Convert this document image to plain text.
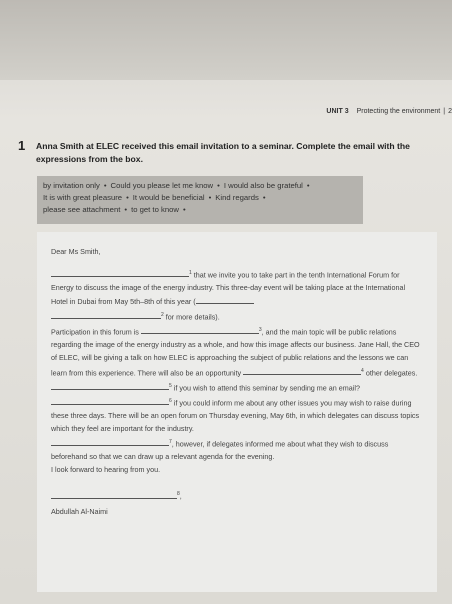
UNIT 3 Protecting the environment | 2
1 Anna Smith at ELEC received this email invitation to a seminar. Complete the email with the expressions from the box.
by invitation only • Could you please let me know • I would also be grateful •
It is with great pleasure • It would be beneficial • Kind regards •
please see attachment • to get to know •

Dear Ms Smith,

$^1$ that we invite you to take part in the tenth International Forum for Energy to discuss the image of the energy industry. This three-day event will be taking place at the International Hotel in Dubai from May 5th–8th of this year (
$^2$ for more details).

Participation in this forum is	$^3$, and the main topic will be public relations regarding the image of the energy industry as a whole, and how this image affects our business. Jane Hall, the CEO of ELEC, will be giving a talk on how ELEC is approaching the subject of public relations and the lessons we can learn from this experience. There will also be an opportunity	$^4$ other delegates.

$^5$ if you wish to attend this seminar by sending me an email?
$^6$ if you could inform me about any other issues you may wish to raise during these three days. There will be an open forum on Thursday evening, May 6th, in which delegates can discuss topics which they feel are important for the industry.
$^7$, however, if delegates informed me about what they wish to discuss beforehand so that we can draw up a relevant agenda for the evening.

I look forward to hearing from you.

$^8$,

Abdullah Al-Naimi
